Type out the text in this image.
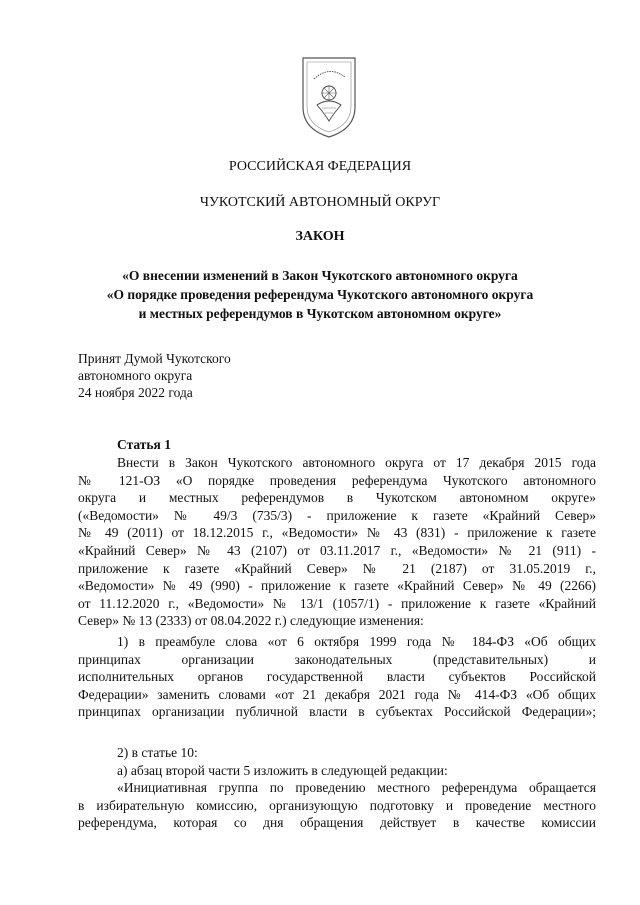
РОССИЙСКАЯ ФЕДЕРАЦИЯ
ЧУКОТСКИЙ АВТОНОМНЫЙ ОКРУГ
ЗАКОН
«О внесении изменений в Закон Чукотского автономного округа
«О порядке проведения референдума Чукотского автономного округа
и местных референдумов в Чукотском автономном округе»
Принят Думой Чукотского
автономного округа
24 ноября 2022 года
Статья 1
Внести в Закон Чукотского автономного округа от 17 декабря 2015 года
№ 121-ОЗ «О порядке проведения референдума Чукотского автономного
округа и местных референдумов в Чукотском автономном округе»
(«Ведомости» № 49/3 (735/3) - приложение к газете «Крайний Север»
№ 49 (2011) от 18.12.2015 г., «Ведомости» № 43 (831) - приложение к газете
«Крайний Север» № 43 (2107) от 03.11.2017 г., «Ведомости» № 21 (911) -
приложение к газете «Крайний Север» № 21 (2187) от 31.05.2019 г.,
«Ведомости» № 49 (990) - приложение к газете «Крайний Север» № 49 (2266)
от 11.12.2020 г., «Ведомости» № 13/1 (1057/1) - приложение к газете «Крайний
Север» № 13 (2333) от 08.04.2022 г.) следующие изменения:
1) в преамбуле слова «от 6 октября 1999 года № 184-ФЗ «Об общих
принципах организации законодательных (представительных) и
исполнительных органов государственной власти субъектов Российской
Федерации» заменить словами «от 21 декабря 2021 года № 414-ФЗ «Об общих
принципах организации публичной власти в субъектах Российской Федерации»;
2) в статье 10:
а) абзац второй части 5 изложить в следующей редакции:
«Инициативная группа по проведению местного референдума обращается
в избирательную комиссию, организующую подготовку и проведение местного
референдума, которая со дня обращения действует в качестве комиссии
